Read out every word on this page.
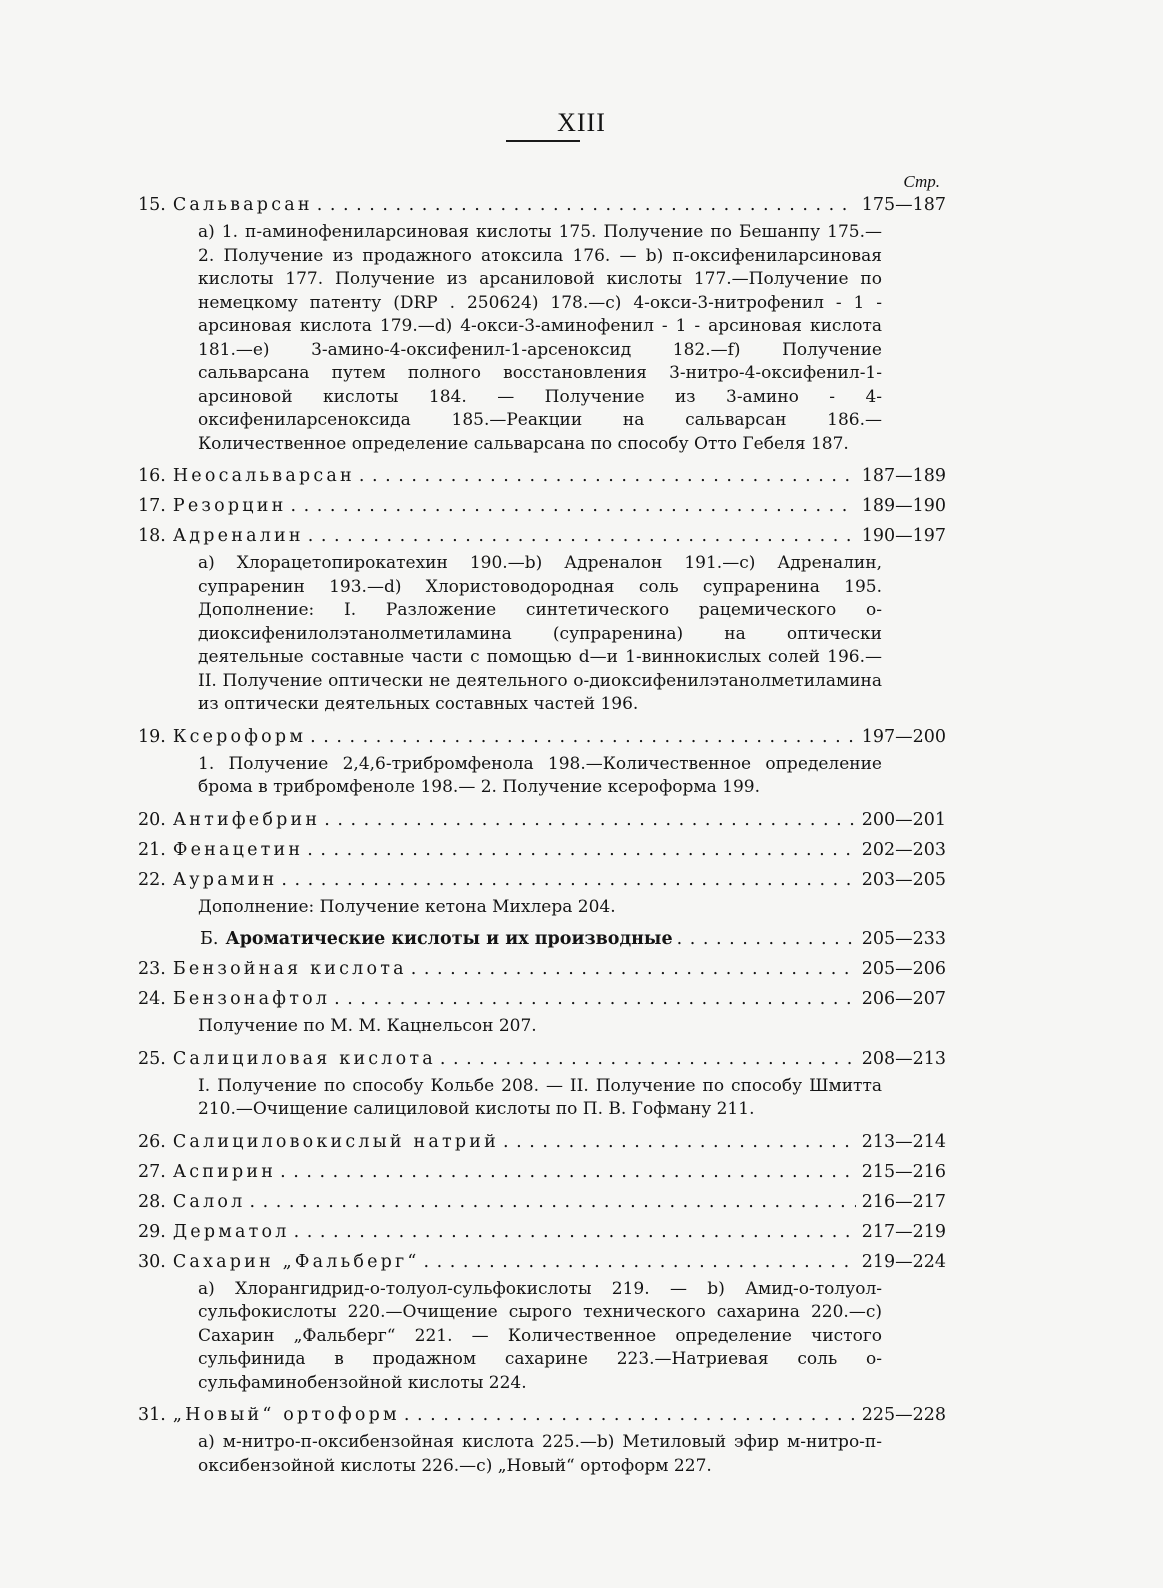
XIII
Стр.
15. Сальварсан . . .	175—187
а) 1. п-аминофениларсиновая кислоты 175. Получение по Бешанпу 175.— 2. Получение из продажного атоксила 176. — b) п-оксифениларсиновая кислоты 177. Получение из арсаниловой кислоты 177.—Получение по немецкому патенту (DRP . 250624) 178.—c) 4-окси-3-нитрофенил - 1 - арсиновая кислота 179.—d) 4-окси-3-аминофенил - 1 - арсиновая кислота 181.—e) 3-амино-4-оксифенил-1-арсеноксид 182.—f) Получение сальварсана путем полного восстановления 3-нитро-4-оксифенил-1-арсиновой кислоты 184. — Получение из 3-амино - 4-оксифениларсеноксида 185.—Реакции на сальварсан 186.—Количественное определение сальварсана по способу Отто Гебеля 187.
16. Неосальварсан . . .	187—189
17. Резорцин . . .	189—190
18. Адреналин . . .	190—197
а) Хлорацетопирокатехин 190.—b) Адреналон 191.—c) Адреналин, супраренин 193.—d) Хлористоводородная соль супраренина 195. Дополнение: I. Разложение синтетического рацемического о-диоксифенилолэтанолметиламина (супраренина) на оптически деятельные составные части с помощью d—и 1-виннокислых солей 196.—II. Получение оптически не деятельного о-диоксифенилэтанолметиламина из оптически деятельных составных частей 196.
19. Ксероформ . . .	197—200
1. Получение 2,4,6-трибромфенола 198.—Количественное определение брома в трибромфеноле 198.— 2. Получение ксероформа 199.
20. Антифебрин . . .	200—201
21. Фенацетин . . .	202—203
22. Аурамин . . .	203—205
Дополнение: Получение кетона Михлера 204.
Б. Ароматические кислоты и их производные . . .	205—233
23. Бензойная кислота . . .	205—206
24. Бензонафтол . . .	206—207
Получение по М. М. Кацнельсон 207.
25. Салициловая кислота . . .	208—213
I. Получение по способу Кольбе 208. — II. Получение по способу Шмитта 210.—Очищение салициловой кислоты по П. В. Гофману 211.
26. Салициловокислый натрий . . .	213—214
27. Аспирин . . .	215—216
28. Салол . . .	216—217
29. Дерматол . . .	217—219
30. Сахарин „Фальберг“ . . .	219—224
а) Хлорангидрид-о-толуол-сульфокислоты 219. — b) Амид-о-толуол-сульфокислоты 220.—Очищение сырого технического сахарина 220.—c) Сахарин „Фальберг“ 221. — Количественное определение чистого сульфинида в продажном сахарине 223.—Натриевая соль о-сульфаминобензойной кислоты 224.
31. „Новый“ ортоформ . . .	225—228
а) м-нитро-п-оксибензойная кислота 225.—b) Метиловый эфир м-нитро-п-оксибензойной кислоты 226.—c) „Новый“ ортоформ 227.
